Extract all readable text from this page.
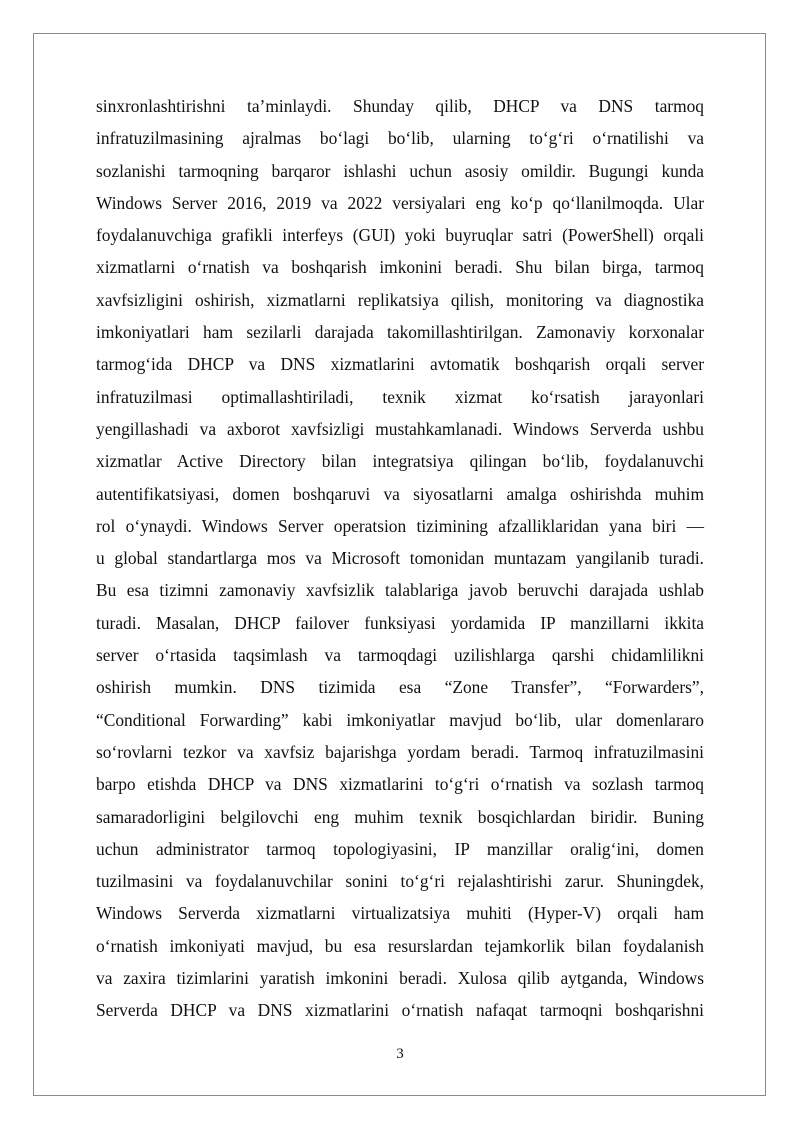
sinxronlashtirishni ta’minlaydi. Shunday qilib, DHCP va DNS tarmoq
infratuzilmasining ajralmas bo‘lagi bo‘lib, ularning to‘g‘ri o‘rnatilishi va
sozlanishi tarmoqning barqaror ishlashi uchun asosiy omildir. Bugungi kunda
Windows Server 2016, 2019 va 2022 versiyalari eng ko‘p qo‘llanilmoqda. Ular
foydalanuvchiga grafikli interfeys (GUI) yoki buyruqlar satri (PowerShell) orqali
xizmatlarni o‘rnatish va boshqarish imkonini beradi. Shu bilan birga, tarmoq
xavfsizligini oshirish, xizmatlarni replikatsiya qilish, monitoring va diagnostika
imkoniyatlari ham sezilarli darajada takomillashtirilgan. Zamonaviy korxonalar
tarmog‘ida DHCP va DNS xizmatlarini avtomatik boshqarish orqali server
infratuzilmasi optimallashtiriladi, texnik xizmat ko‘rsatish jarayonlari
yengillashadi va axborot xavfsizligi mustahkamlanadi. Windows Serverda ushbu
xizmatlar Active Directory bilan integratsiya qilingan bo‘lib, foydalanuvchi
autentifikatsiyasi, domen boshqaruvi va siyosatlarni amalga oshirishda muhim
rol o‘ynaydi. Windows Server operatsion tizimining afzalliklaridan yana biri —
u global standartlarga mos va Microsoft tomonidan muntazam yangilanib turadi.
Bu esa tizimni zamonaviy xavfsizlik talablariga javob beruvchi darajada ushlab
turadi. Masalan, DHCP failover funksiyasi yordamida IP manzillarni ikkita
server o‘rtasida taqsimlash va tarmoqdagi uzilishlarga qarshi chidamlilikni
oshirish mumkin. DNS tizimida esa “Zone Transfer”, “Forwarders”,
“Conditional Forwarding” kabi imkoniyatlar mavjud bo‘lib, ular domenlararo
so‘rovlarni tezkor va xavfsiz bajarishga yordam beradi. Tarmoq infratuzilmasini
barpo etishda DHCP va DNS xizmatlarini to‘g‘ri o‘rnatish va sozlash tarmoq
samaradorligini belgilovchi eng muhim texnik bosqichlardan biridir. Buning
uchun administrator tarmoq topologiyasini, IP manzillar oralig‘ini, domen
tuzilmasini va foydalanuvchilar sonini to‘g‘ri rejalashtirishi zarur. Shuningdek,
Windows Serverda xizmatlarni virtualizatsiya muhiti (Hyper-V) orqali ham
o‘rnatish imkoniyati mavjud, bu esa resurslardan tejamkorlik bilan foydalanish
va zaxira tizimlarini yaratish imkonini beradi. Xulosa qilib aytganda, Windows
Serverda DHCP va DNS xizmatlarini o‘rnatish nafaqat tarmoqni boshqarishni
3
